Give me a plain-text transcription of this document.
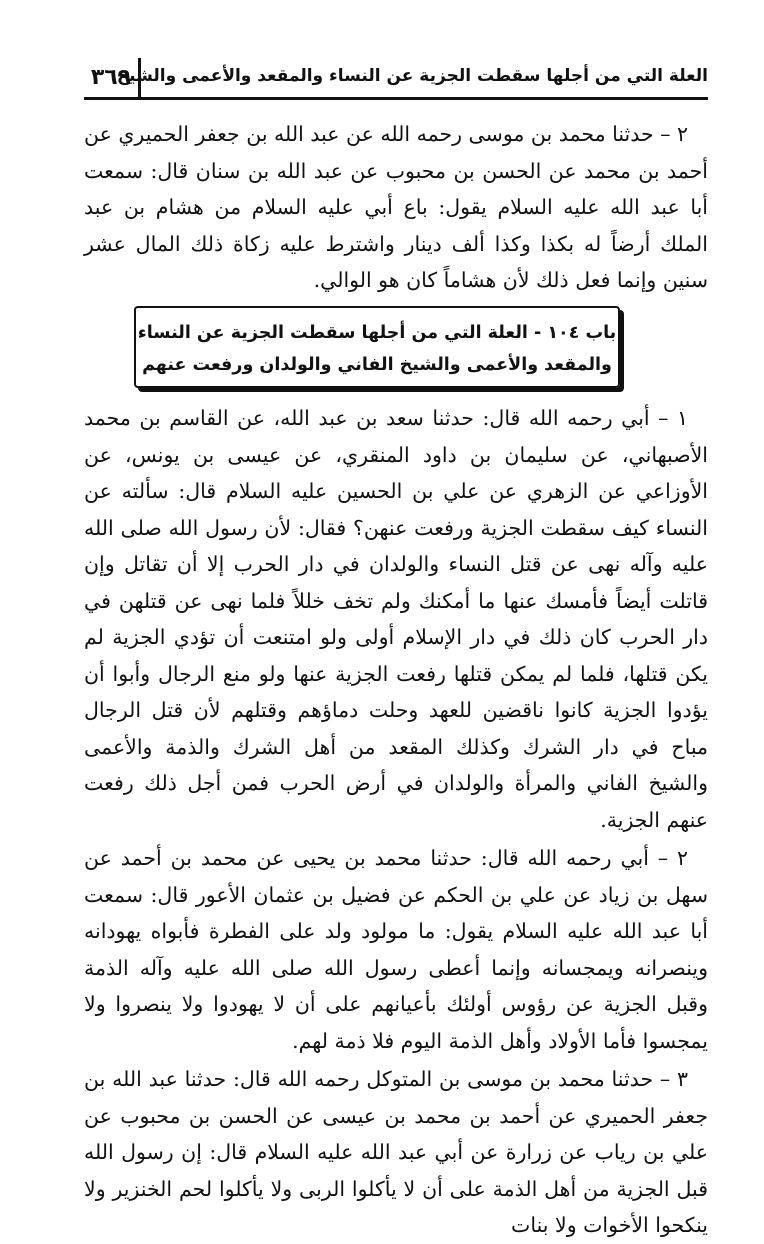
العلة التي من أجلها سقطت الجزية عن النساء والمقعد والأعمى والشيخ
٣٦٩

٢ – حدثنا محمد بن موسى رحمه الله عن عبد الله بن جعفر الحميري عن أحمد بن محمد عن الحسن بن محبوب عن عبد الله بن سنان قال: سمعت أبا عبد الله عليه السلام يقول: باع أبي عليه السلام من هشام بن عبد الملك أرضاً له بكذا وكذا ألف دينار واشترط عليه زكاة ذلك المال عشر سنين وإنما فعل ذلك لأن هشاماً كان هو الوالي.

باب ١٠٤ - العلة التي من أجلها سقطت الجزية عن النساء
والمقعد والأعمى والشيخ الفاني والولدان ورفعت عنهم

١ – أبي رحمه الله قال: حدثنا سعد بن عبد الله، عن القاسم بن محمد الأصبهاني، عن سليمان بن داود المنقري، عن عيسى بن يونس، عن الأوزاعي عن الزهري عن علي بن الحسين عليه السلام قال: سألته عن النساء كيف سقطت الجزية ورفعت عنهن؟ فقال: لأن رسول الله صلى الله عليه وآله نهى عن قتل النساء والولدان في دار الحرب إلا أن تقاتل وإن قاتلت أيضاً فأمسك عنها ما أمكنك ولم تخف خللاً فلما نهى عن قتلهن في دار الحرب كان ذلك في دار الإسلام أولى ولو امتنعت أن تؤدي الجزية لم يكن قتلها، فلما لم يمكن قتلها رفعت الجزية عنها ولو منع الرجال وأبوا أن يؤدوا الجزية كانوا ناقضين للعهد وحلت دماؤهم وقتلهم لأن قتل الرجال مباح في دار الشرك وكذلك المقعد من أهل الشرك والذمة والأعمى والشيخ الفاني والمرأة والولدان في أرض الحرب فمن أجل ذلك رفعت عنهم الجزية.

٢ – أبي رحمه الله قال: حدثنا محمد بن يحيى عن محمد بن أحمد عن سهل بن زياد عن علي بن الحكم عن فضيل بن عثمان الأعور قال: سمعت أبا عبد الله عليه السلام يقول: ما مولود ولد على الفطرة فأبواه يهودانه وينصرانه ويمجسانه وإنما أعطى رسول الله صلى الله عليه وآله الذمة وقبل الجزية عن رؤوس أولئك بأعيانهم على أن لا يهودوا ولا ينصروا ولا يمجسوا فأما الأولاد وأهل الذمة اليوم فلا ذمة لهم.

٣ – حدثنا محمد بن موسى بن المتوكل رحمه الله قال: حدثنا عبد الله بن جعفر الحميري عن أحمد بن محمد بن عيسى عن الحسن بن محبوب عن علي بن رياب عن زرارة عن أبي عبد الله عليه السلام قال: إن رسول الله قبل الجزية من أهل الذمة على أن لا يأكلوا الربى ولا يأكلوا لحم الخنزير ولا ينكحوا الأخوات ولا بنات
